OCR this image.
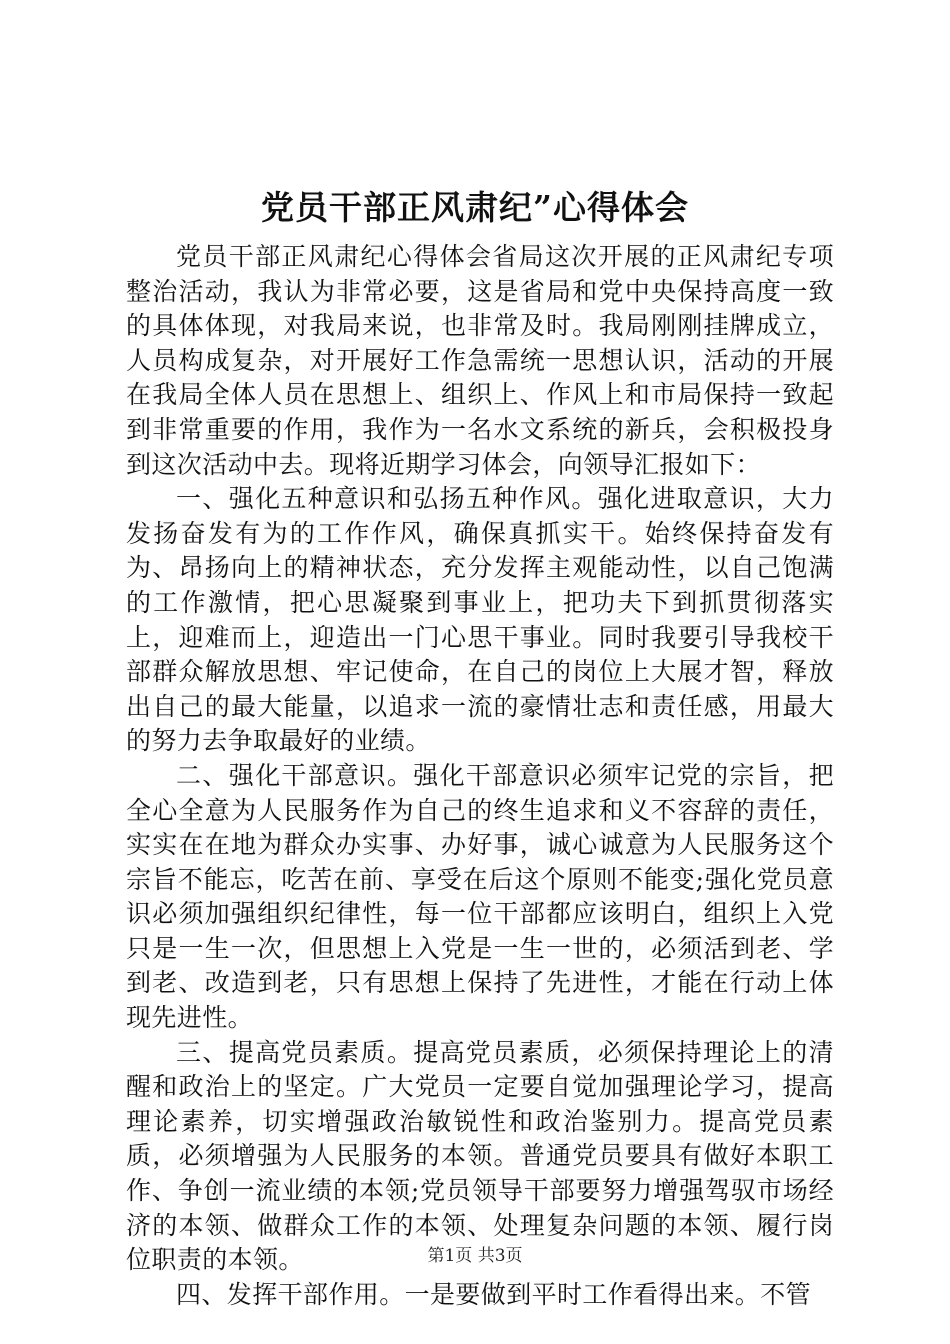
党员干部正风肃纪”心得体会

党员干部正风肃纪心得体会省局这次开展的正风肃纪专项整治活动，我认为非常必要，这是省局和党中央保持高度一致的具体体现，对我局来说，也非常及时。我局刚刚挂牌成立，人员构成复杂，对开展好工作急需统一思想认识，活动的开展在我局全体人员在思想上、组织上、作风上和市局保持一致起到非常重要的作用，我作为一名水文系统的新兵，会积极投身到这次活动中去。现将近期学习体会，向领导汇报如下：

一、强化五种意识和弘扬五种作风。强化进取意识，大力发扬奋发有为的工作作风，确保真抓实干。始终保持奋发有为、昂扬向上的精神状态，充分发挥主观能动性，以自己饱满的工作激情，把心思凝聚到事业上，把功夫下到抓贯彻落实上，迎难而上，迎造出一门心思干事业。同时我要引导我校干部群众解放思想、牢记使命，在自己的岗位上大展才智，释放出自己的最大能量，以追求一流的豪情壮志和责任感，用最大的努力去争取最好的业绩。

二、强化干部意识。强化干部意识必须牢记党的宗旨，把全心全意为人民服务作为自己的终生追求和义不容辞的责任，实实在在地为群众办实事、办好事，诚心诚意为人民服务这个宗旨不能忘，吃苦在前、享受在后这个原则不能变;强化党员意识必须加强组织纪律性，每一位干部都应该明白，组织上入党只是一生一次，但思想上入党是一生一世的，必须活到老、学到老、改造到老，只有思想上保持了先进性，才能在行动上体现先进性。

三、提高党员素质。提高党员素质，必须保持理论上的清醒和政治上的坚定。广大党员一定要自觉加强理论学习，提高理论素养，切实增强政治敏锐性和政治鉴别力。提高党员素质，必须增强为人民服务的本领。普通党员要具有做好本职工作、争创一流业绩的本领;党员领导干部要努力增强驾驭市场经济的本领、做群众工作的本领、处理复杂问题的本领、履行岗位职责的本领。

四、发挥干部作用。一是要做到平时工作看得出来。不管

第1页 共3页
